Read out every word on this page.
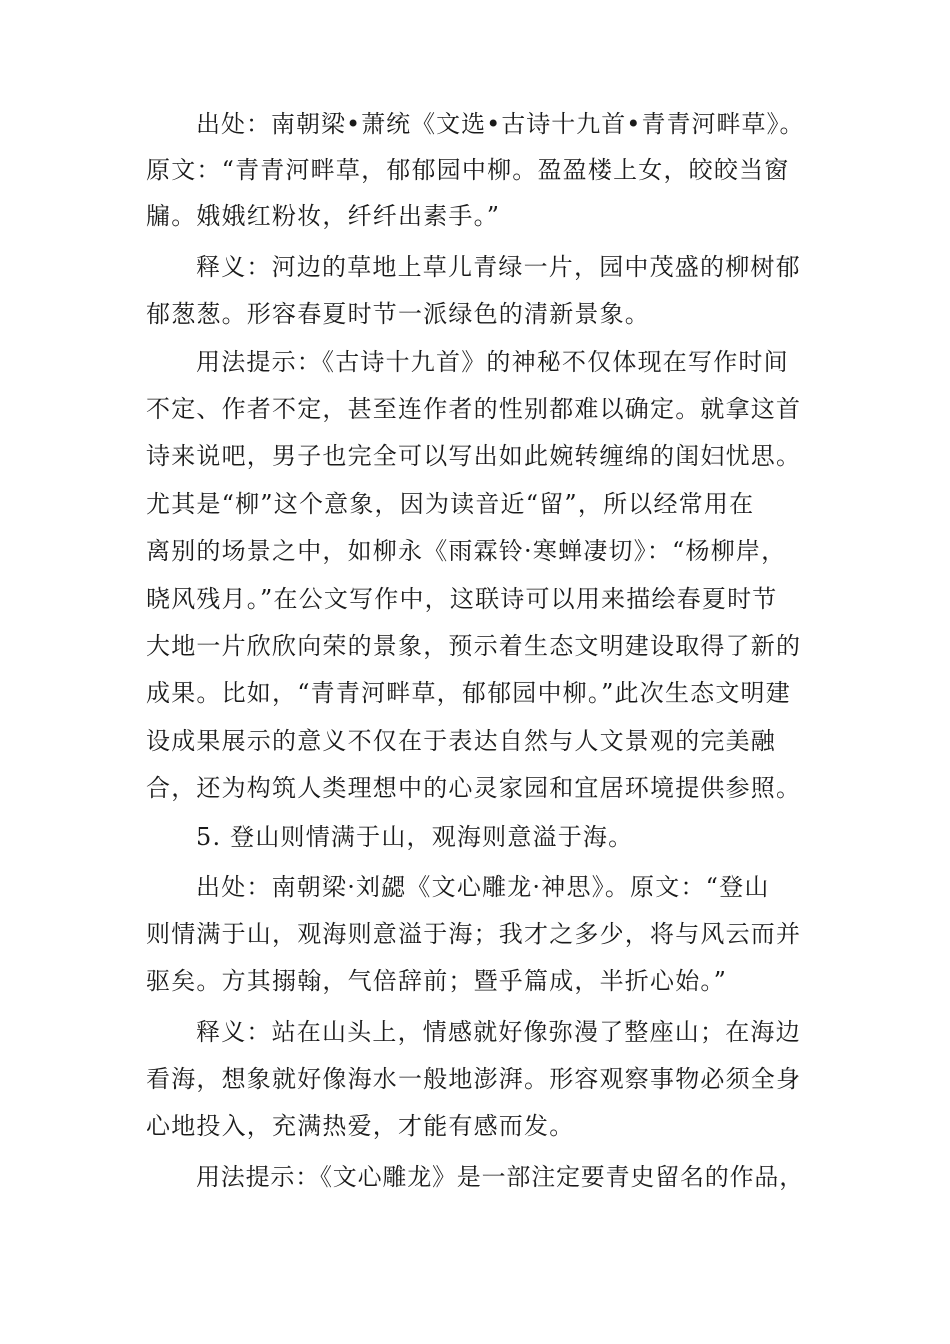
出处：南朝梁•萧统《文选•古诗十九首•青青河畔草》。
原文：“青青河畔草，郁郁园中柳。盈盈楼上女，皎皎当窗
牖。娥娥红粉妆，纤纤出素手。”
释义：河边的草地上草儿青绿一片，园中茂盛的柳树郁
郁葱葱。形容春夏时节一派绿色的清新景象。
用法提示：《古诗十九首》的神秘不仅体现在写作时间
不定、作者不定，甚至连作者的性别都难以确定。就拿这首
诗来说吧，男子也完全可以写出如此婉转缠绵的闺妇忧思。
尤其是“柳”这个意象，因为读音近“留”，所以经常用在
离别的场景之中，如柳永《雨霖铃·寒蝉凄切》：“杨柳岸，
晓风残月。”在公文写作中，这联诗可以用来描绘春夏时节
大地一片欣欣向荣的景象，预示着生态文明建设取得了新的
成果。比如，“青青河畔草，郁郁园中柳。”此次生态文明建
设成果展示的意义不仅在于表达自然与人文景观的完美融
合，还为构筑人类理想中的心灵家园和宜居环境提供参照。
5. 登山则情满于山，观海则意溢于海。
出处：南朝梁·刘勰《文心雕龙·神思》。原文：“登山
则情满于山，观海则意溢于海；我才之多少，将与风云而并
驱矣。方其搦翰，气倍辞前；暨乎篇成，半折心始。”
释义：站在山头上，情感就好像弥漫了整座山；在海边
看海，想象就好像海水一般地澎湃。形容观察事物必须全身
心地投入，充满热爱，才能有感而发。
用法提示：《文心雕龙》是一部注定要青史留名的作品，
